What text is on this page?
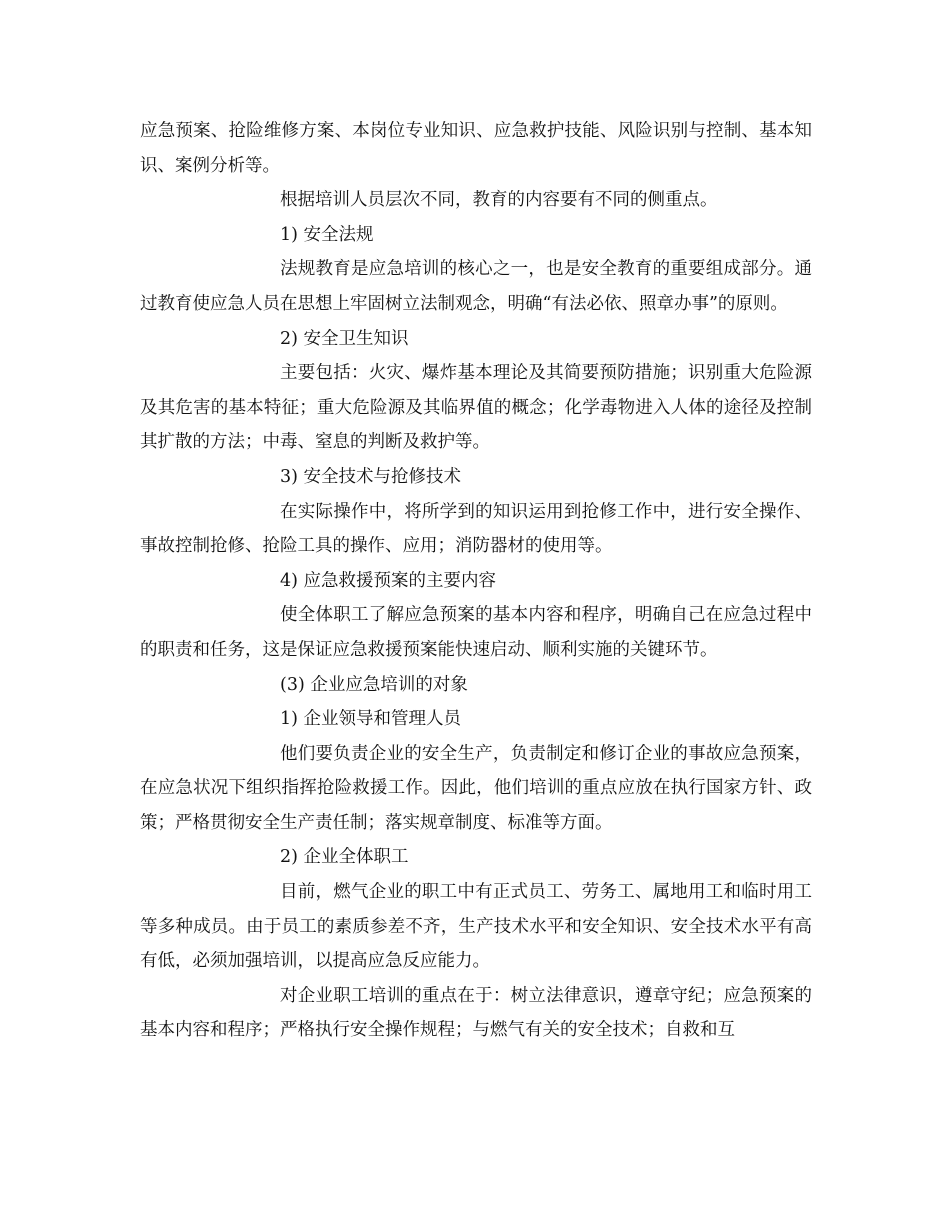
应急预案、抢险维修方案、本岗位专业知识、应急救护技能、风险识别与控制、基本知识、案例分析等。

根据培训人员层次不同，教育的内容要有不同的侧重点。

1) 安全法规

法规教育是应急培训的核心之一，也是安全教育的重要组成部分。通过教育使应急人员在思想上牢固树立法制观念，明确“有法必依、照章办事”的原则。

2) 安全卫生知识

主要包括：火灾、爆炸基本理论及其简要预防措施；识别重大危险源及其危害的基本特征；重大危险源及其临界值的概念；化学毒物进入人体的途径及控制其扩散的方法；中毒、窒息的判断及救护等。

3) 安全技术与抢修技术

在实际操作中，将所学到的知识运用到抢修工作中，进行安全操作、事故控制抢修、抢险工具的操作、应用；消防器材的使用等。

4) 应急救援预案的主要内容

使全体职工了解应急预案的基本内容和程序，明确自己在应急过程中的职责和任务，这是保证应急救援预案能快速启动、顺利实施的关键环节。

(3) 企业应急培训的对象

1) 企业领导和管理人员

他们要负责企业的安全生产，负责制定和修订企业的事故应急预案，在应急状况下组织指挥抢险救援工作。因此，他们培训的重点应放在执行国家方针、政策；严格贯彻安全生产责任制；落实规章制度、标准等方面。

2) 企业全体职工

目前，燃气企业的职工中有正式员工、劳务工、属地用工和临时用工等多种成员。由于员工的素质参差不齐，生产技术水平和安全知识、安全技术水平有高有低，必须加强培训，以提高应急反应能力。

对企业职工培训的重点在于：树立法律意识，遵章守纪；应急预案的基本内容和程序；严格执行安全操作规程；与燃气有关的安全技术；自救和互
